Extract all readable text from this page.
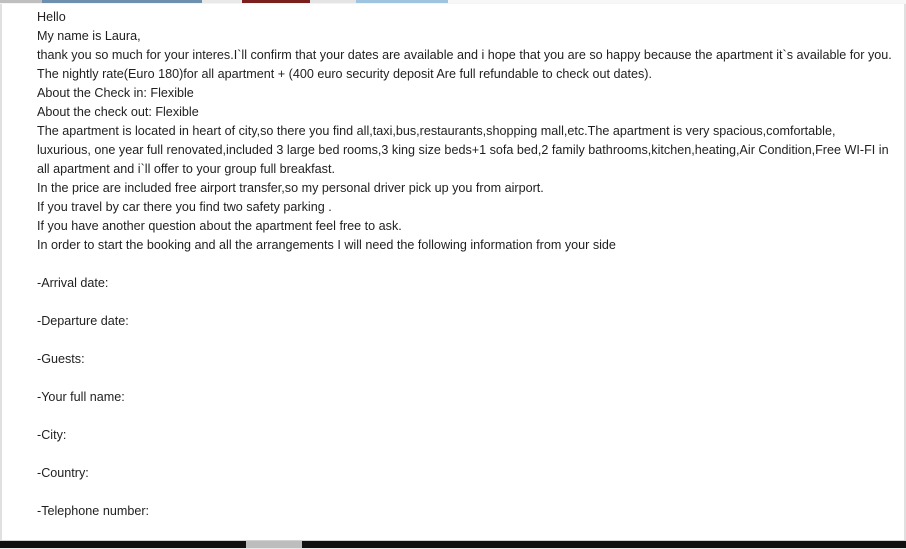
Hello

My name is Laura,

thank you so much for your interes.I`ll confirm that your dates are available and i hope that you are so happy because the apartment it`s available for you.

The nightly rate(Euro 180)for all apartment + (400 euro security deposit Are full refundable to check out dates).

About the Check in: Flexible

About the check out: Flexible

The apartment is located in heart of city,so there you find all,taxi,bus,restaurants,shopping mall,etc.The apartment is very spacious,comfortable, luxurious, one year full renovated,included 3 large bed rooms,3 king size beds+1 sofa bed,2 family bathrooms,kitchen,heating,Air Condition,Free WI-FI in all apartment and i`ll offer to your group full breakfast.

In the price are included free airport transfer,so my personal driver pick up you from airport.

If you travel by car there you find two safety parking .

If you have another question about the apartment feel free to ask.

In order to start the booking and all the arrangements I will need the following information from your side

-Arrival date:

-Departure date:

-Guests:

-Your full name:

-City:

-Country:

-Telephone number:
